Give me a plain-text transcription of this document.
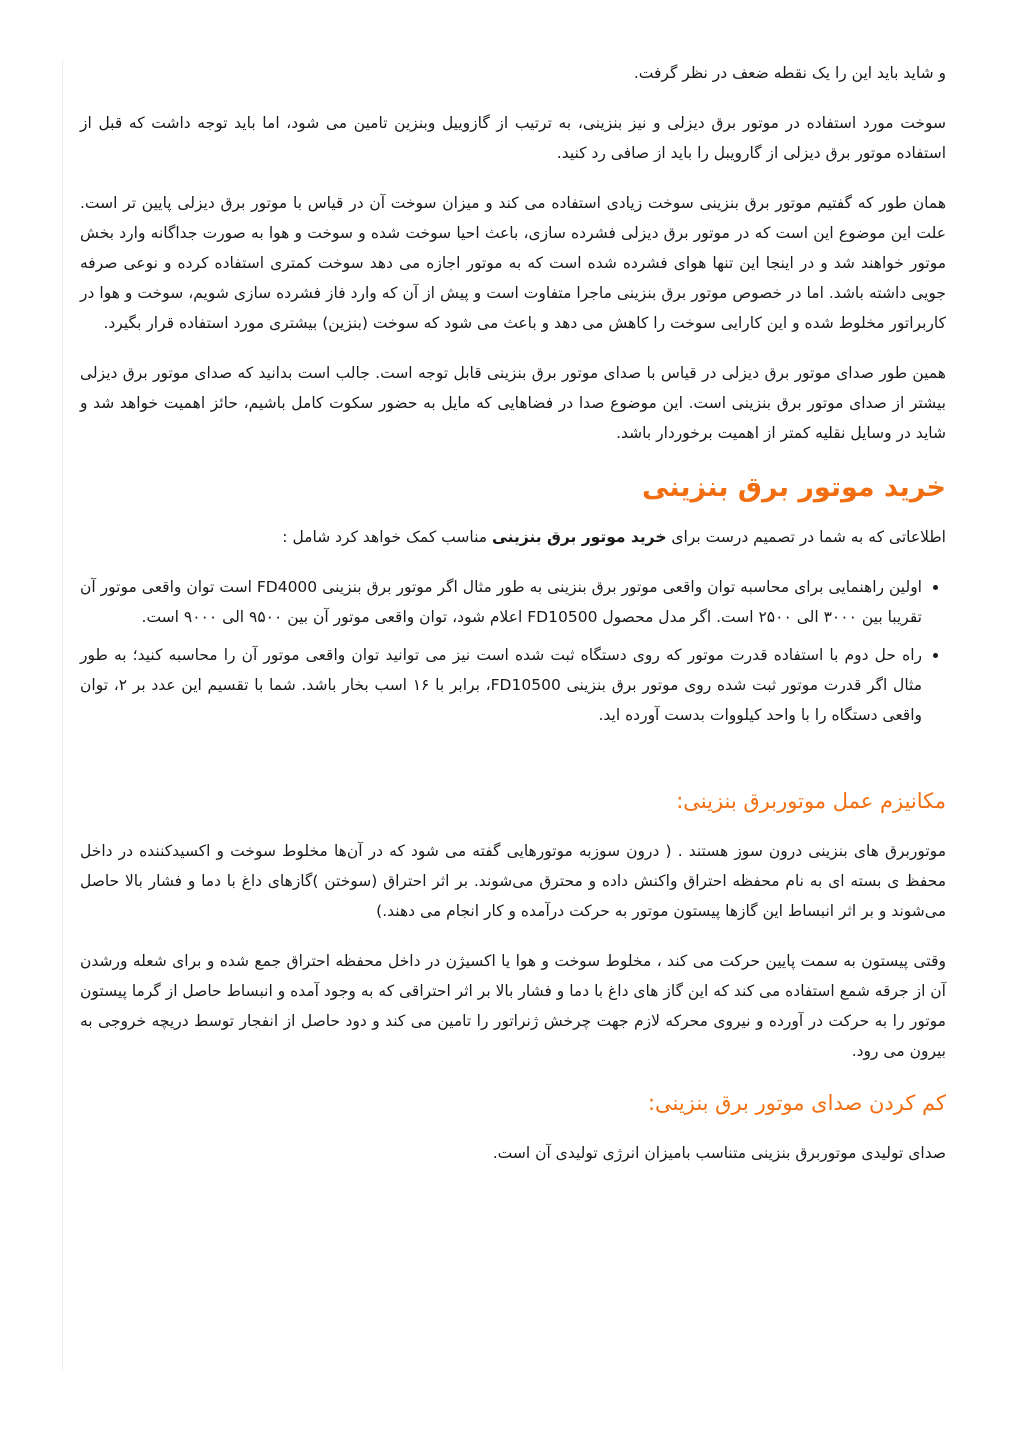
و شاید باید این را یک نقطه ضعف در نظر گرفت.

سوخت مورد استفاده در موتور برق دیزلی و نیز بنزینی، به ترتیب از گازوییل وبنزین تامین می شود، اما باید توجه داشت که قبل از استفاده موتور برق دیزلی از گارویبل را باید از صافی رد کنید.

همان طور که گفتیم موتور برق بنزینی سوخت زیادی استفاده می کند و میزان سوخت آن در قیاس با موتور برق دیزلی پایین تر است. علت این موضوع این است که در موتور برق دیزلی فشرده سازی، باعث احیا سوخت شده و سوخت و هوا به صورت جداگانه وارد بخش موتور خواهند شد و در اینجا این تنها هوای فشرده شده است که به موتور اجازه می دهد سوخت کمتری استفاده کرده و نوعی صرفه جویی داشته باشد. اما در خصوص موتور برق بنزینی ماجرا متفاوت است و پیش از آن که وارد فاز فشرده سازی شویم، سوخت و هوا در کاربراتور مخلوط شده و این کارایی سوخت را کاهش می دهد و باعث می شود که سوخت (بنزین) بیشتری مورد استفاده قرار بگیرد.

همین طور صدای موتور برق دیزلی در قیاس با صدای موتور برق بنزینی قابل توجه است. جالب است بدانید که صدای موتور برق دیزلی بیشتر از صدای موتور برق بنزینی است. این موضوع صدا در فضاهایی که مایل به حضور سکوت کامل باشیم، حائز اهمیت خواهد شد و شاید در وسایل نقلیه کمتر از اهمیت برخوردار باشد.

خرید موتور برق بنزینی

اطلاعاتی که به شما در تصمیم درست برای خرید موتور برق بنزینی مناسب کمک خواهد کرد شامل :

• اولین راهنمایی برای محاسبه توان واقعی موتور برق بنزینی به طور مثال اگر موتور برق بنزینی FD4000 است توان واقعی موتور آن تقریبا بین ۳۰۰۰ الی ۲۵۰۰ است. اگر مدل محصول FD10500 اعلام شود، توان واقعی موتور آن بین ۹۵۰۰ الی ۹۰۰۰ است.
• راه حل دوم با استفاده قدرت موتور که روی دستگاه ثبت شده است نیز می توانید توان واقعی موتور آن را محاسبه کنید؛ به طور مثال اگر قدرت موتور ثبت شده روی موتور برق بنزینی FD10500، برابر با ۱۶ اسب بخار باشد. شما با تقسیم این عدد بر ۲، توان واقعی دستگاه را با واحد کیلووات بدست آورده اید.
مکانیزم عمل موتوربرق بنزینی:

موتوربرق های بنزینی درون سوز هستند . ( درون سوزبه موتورهایی گفته می شود که در آن‌ها مخلوط سوخت و اکسیدکننده در داخل محفظ ی بسته ای به نام محفظه احتراق واکنش داده و محترق می‌شوند. بر اثر احتراق (سوختن )گازهای داغ با دما و فشار بالا حاصل می‌شوند و بر اثر انبساط این گازها پیستون موتور به حرکت درآمده و کار انجام می دهند.)

وقتی پیستون به سمت پایین حرکت می کند ، مخلوط سوخت و هوا یا اکسیژن در داخل محفظه احتراق جمع شده و برای شعله ورشدن آن از جرقه شمع استفاده می کند که این گاز های داغ با دما و فشار بالا بر اثر احتراقی که به وجود آمده و انبساط حاصل از گرما پیستون موتور را به حرکت در آورده و نیروی محرکه لازم جهت چرخش ژنراتور را تامین می کند و دود حاصل از انفجار توسط دریچه خروجی به بیرون می رود.

کم کردن صدای موتور برق بنزینی:

صدای تولیدی موتوربرق بنزینی متناسب بامیزان انرژی تولیدی آن است.
